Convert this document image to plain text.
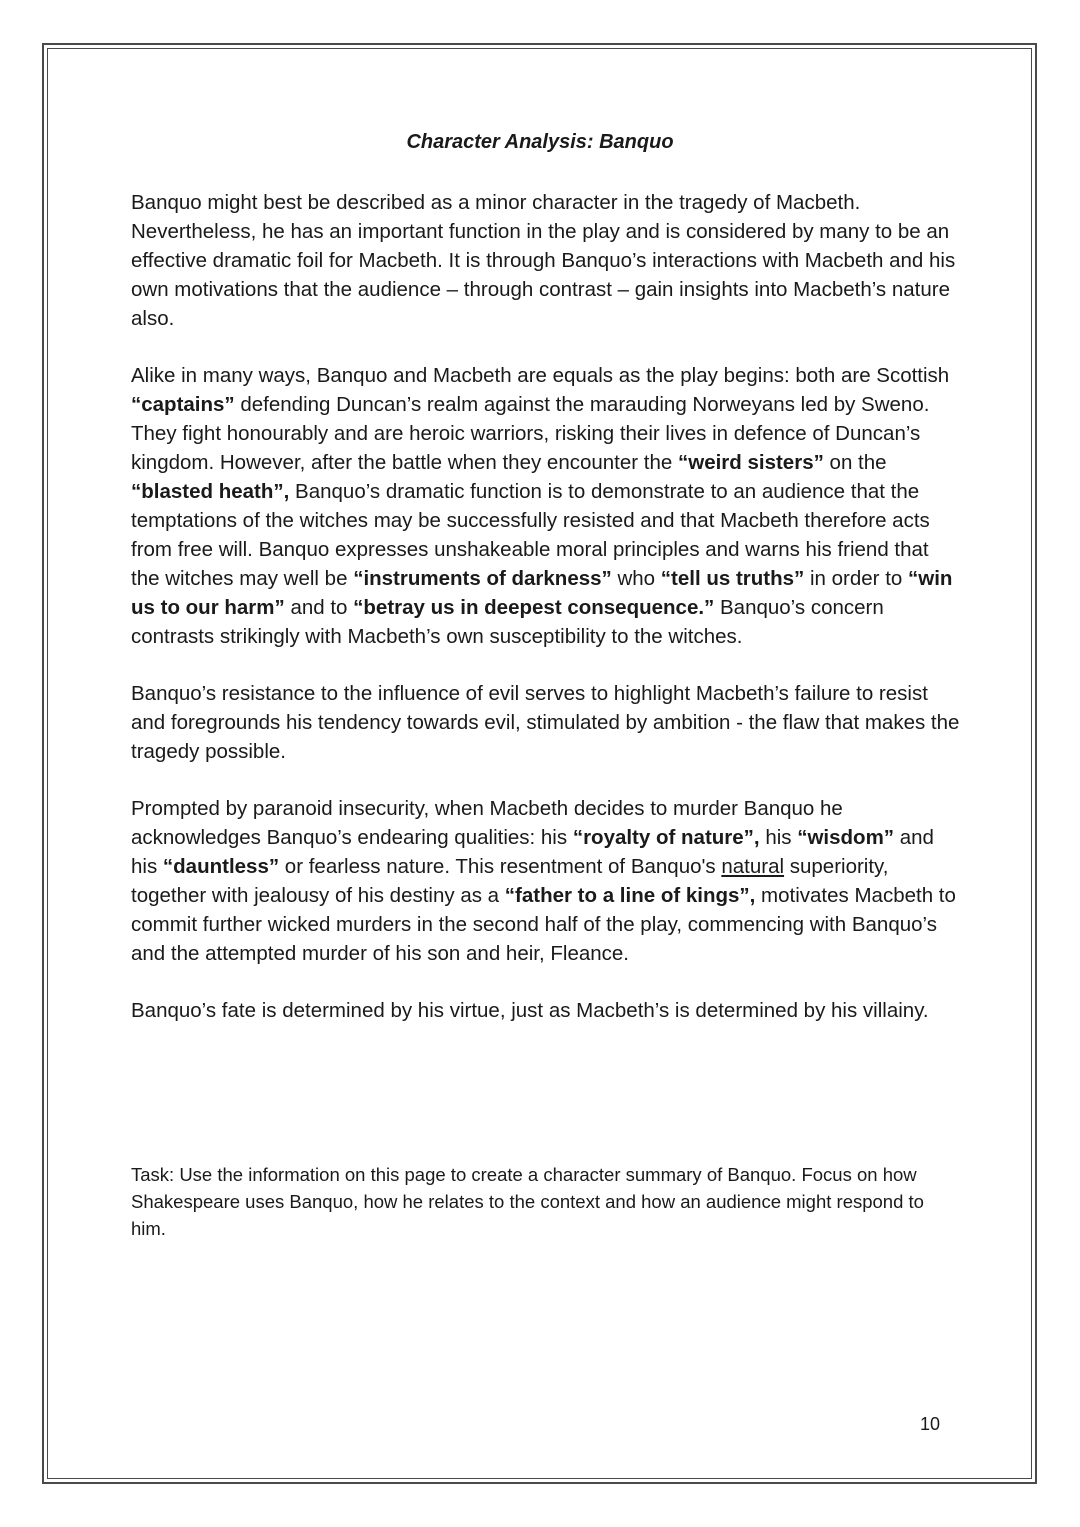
Character Analysis: Banquo

Banquo might best be described as a minor character in the tragedy of Macbeth. Nevertheless, he has an important function in the play and is considered by many to be an effective dramatic foil for Macbeth. It is through Banquo’s interactions with Macbeth and his own motivations that the audience – through contrast – gain insights into Macbeth’s nature also.

Alike in many ways, Banquo and Macbeth are equals as the play begins: both are Scottish “captains” defending Duncan’s realm against the marauding Norweyans led by Sweno. They fight honourably and are heroic warriors, risking their lives in defence of Duncan’s kingdom. However, after the battle when they encounter the “weird sisters” on the “blasted heath”, Banquo’s dramatic function is to demonstrate to an audience that the temptations of the witches may be successfully resisted and that Macbeth therefore acts from free will. Banquo expresses unshakeable moral principles and warns his friend that the witches may well be “instruments of darkness” who “tell us truths” in order to “win us to our harm” and to “betray us in deepest consequence.” Banquo’s concern contrasts strikingly with Macbeth’s own susceptibility to the witches.

Banquo’s resistance to the influence of evil serves to highlight Macbeth’s failure to resist and foregrounds his tendency towards evil, stimulated by ambition - the flaw that makes the tragedy possible.

Prompted by paranoid insecurity, when Macbeth decides to murder Banquo he acknowledges Banquo’s endearing qualities: his “royalty of nature”, his “wisdom” and his “dauntless” or fearless nature. This resentment of Banquo's natural superiority, together with jealousy of his destiny as a “father to a line of kings”, motivates Macbeth to commit further wicked murders in the second half of the play, commencing with Banquo’s and the attempted murder of his son and heir, Fleance.

Banquo’s fate is determined by his virtue, just as Macbeth’s is determined by his villainy.

Task: Use the information on this page to create a character summary of Banquo. Focus on how Shakespeare uses Banquo, how he relates to the context and how an audience might respond to him.
10
